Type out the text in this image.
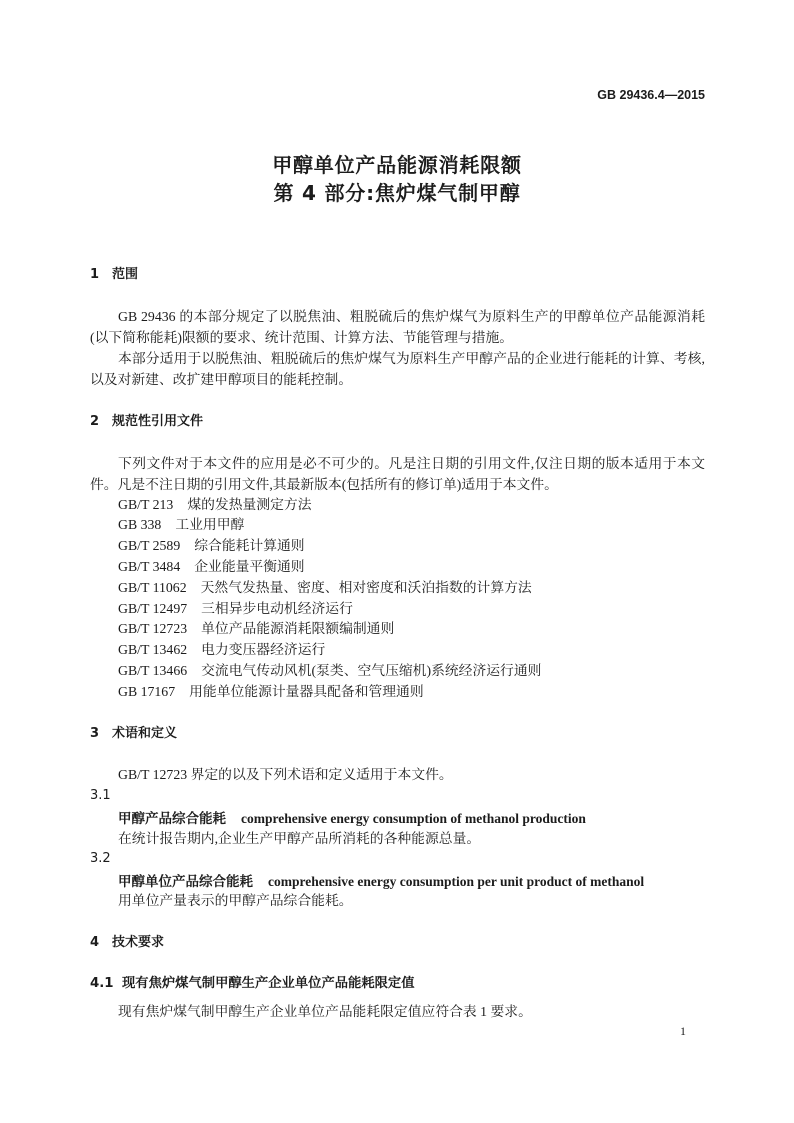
GB 29436.4—2015
甲醇单位产品能源消耗限额
第 4 部分:焦炉煤气制甲醇
1 范围
GB 29436 的本部分规定了以脱焦油、粗脱硫后的焦炉煤气为原料生产的甲醇单位产品能源消耗
(以下简称能耗)限额的要求、统计范围、计算方法、节能管理与措施。
本部分适用于以脱焦油、粗脱硫后的焦炉煤气为原料生产甲醇产品的企业进行能耗的计算、考核,
以及对新建、改扩建甲醇项目的能耗控制。
2 规范性引用文件
下列文件对于本文件的应用是必不可少的。凡是注日期的引用文件,仅注日期的版本适用于本文
件。凡是不注日期的引用文件,其最新版本(包括所有的修订单)适用于本文件。
GB/T 213 煤的发热量测定方法
GB 338 工业用甲醇
GB/T 2589 综合能耗计算通则
GB/T 3484 企业能量平衡通则
GB/T 11062 天然气发热量、密度、相对密度和沃泊指数的计算方法
GB/T 12497 三相异步电动机经济运行
GB/T 12723 单位产品能源消耗限额编制通则
GB/T 13462 电力变压器经济运行
GB/T 13466 交流电气传动风机(泵类、空气压缩机)系统经济运行通则
GB 17167 用能单位能源计量器具配备和管理通则
3 术语和定义
GB/T 12723 界定的以及下列术语和定义适用于本文件。
3.1
甲醇产品综合能耗 comprehensive energy consumption of methanol production
在统计报告期内,企业生产甲醇产品所消耗的各种能源总量。
3.2
甲醇单位产品综合能耗 comprehensive energy consumption per unit product of methanol
用单位产量表示的甲醇产品综合能耗。
4 技术要求
4.1 现有焦炉煤气制甲醇生产企业单位产品能耗限定值
现有焦炉煤气制甲醇生产企业单位产品能耗限定值应符合表 1 要求。
1
